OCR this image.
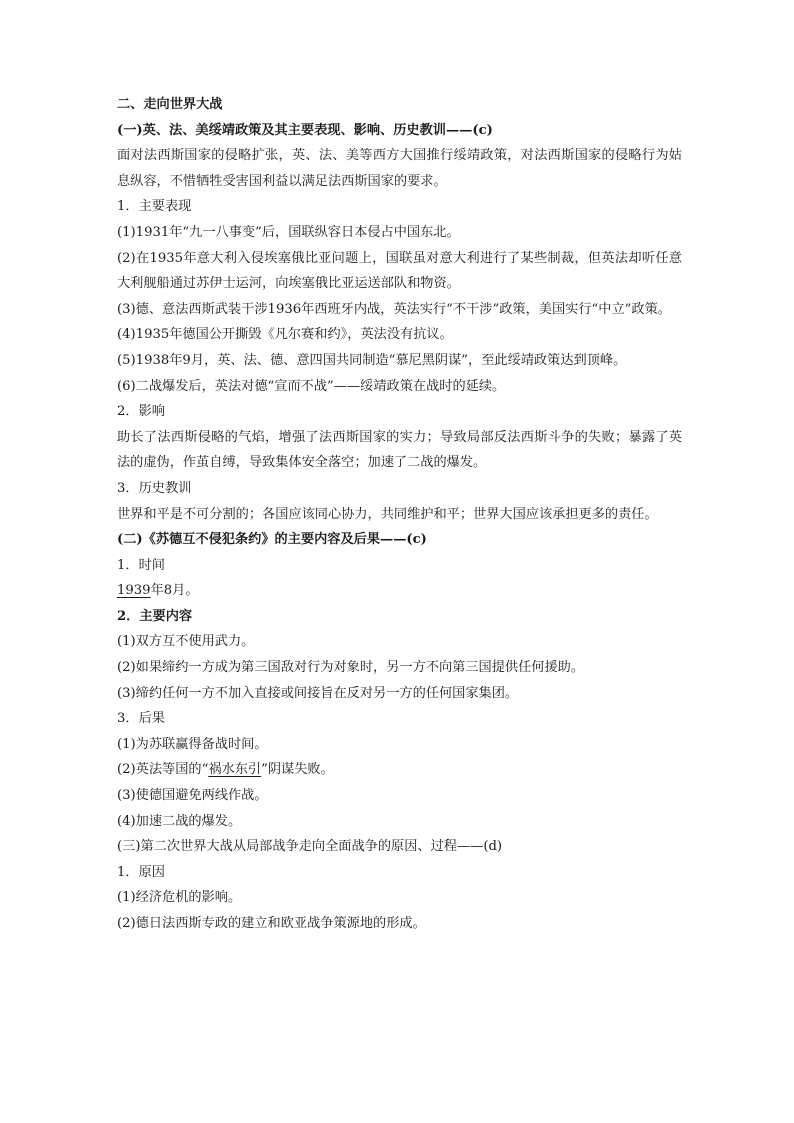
二、走向世界大战

(一)英、法、美绥靖政策及其主要表现、影响、历史教训——(c)

面对法西斯国家的侵略扩张，英、法、美等西方大国推行绥靖政策，对法西斯国家的侵略行为姑息纵容，不惜牺牲受害国利益以满足法西斯国家的要求。

1．主要表现

(1)1931年“九一八事变”后，国联纵容日本侵占中国东北。

(2)在1935年意大利入侵埃塞俄比亚问题上，国联虽对意大利进行了某些制裁，但英法却听任意大利舰船通过苏伊士运河，向埃塞俄比亚运送部队和物资。

(3)德、意法西斯武装干涉1936年西班牙内战，英法实行“不干涉”政策，美国实行“中立”政策。

(4)1935年德国公开撕毁《凡尔赛和约》，英法没有抗议。

(5)1938年9月，英、法、德、意四国共同制造“慕尼黑阴谋”，至此绥靖政策达到顶峰。

(6)二战爆发后，英法对德“宣而不战”——绥靖政策在战时的延续。

2．影响

助长了法西斯侵略的气焰，增强了法西斯国家的实力；导致局部反法西斯斗争的失败；暴露了英法的虚伪，作茧自缚，导致集体安全落空；加速了二战的爆发。

3．历史教训

世界和平是不可分割的；各国应该同心协力，共同维护和平；世界大国应该承担更多的责任。

(二)《苏德互不侵犯条约》的主要内容及后果——(c)

1．时间

1939年8月。

2．主要内容

(1)双方互不使用武力。

(2)如果缔约一方成为第三国敌对行为对象时，另一方不向第三国提供任何援助。

(3)缔约任何一方不加入直接或间接旨在反对另一方的任何国家集团。

3．后果

(1)为苏联赢得备战时间。

(2)英法等国的“祸水东引”阴谋失败。

(3)使德国避免两线作战。

(4)加速二战的爆发。

(三)第二次世界大战从局部战争走向全面战争的原因、过程——(d)

1．原因

(1)经济危机的影响。

(2)德日法西斯专政的建立和欧亚战争策源地的形成。
